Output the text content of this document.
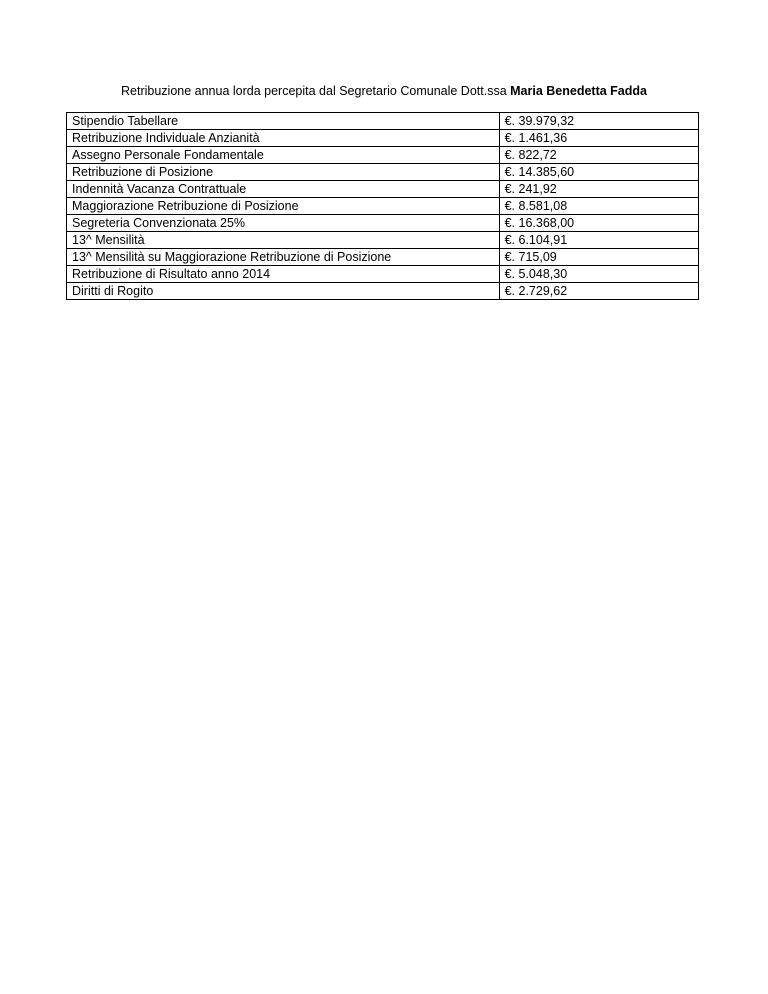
Retribuzione annua lorda percepita dal Segretario Comunale Dott.ssa Maria Benedetta Fadda
Stipendio Tabellare	€. 39.979,32
Retribuzione Individuale Anzianità	€. 1.461,36
Assegno Personale Fondamentale	€. 822,72
Retribuzione di Posizione	€. 14.385,60
Indennità Vacanza Contrattuale	€. 241,92
Maggiorazione Retribuzione di Posizione	€. 8.581,08
Segreteria Convenzionata 25%	€. 16.368,00
13^ Mensilità	€. 6.104,91
13^ Mensilità su Maggiorazione Retribuzione di Posizione	€. 715,09
Retribuzione di Risultato anno 2014	€. 5.048,30
Diritti di Rogito	€. 2.729,62
